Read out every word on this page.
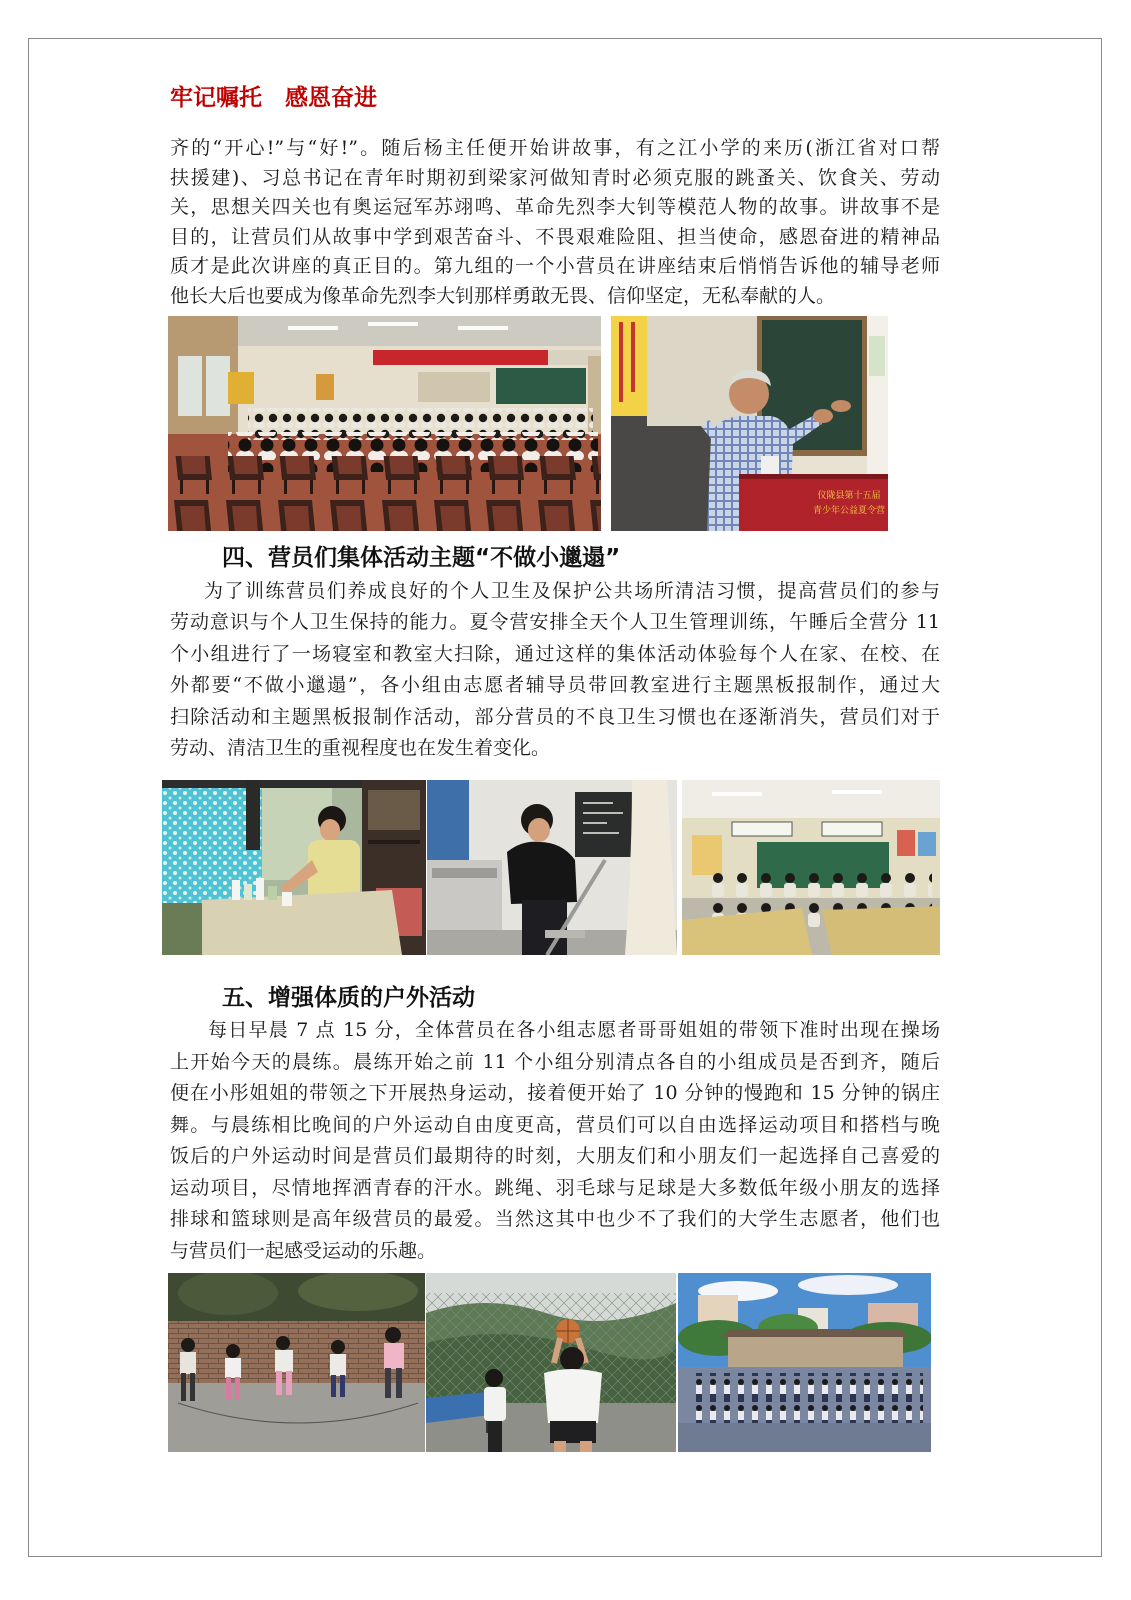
牢记嘱托　感恩奋进
齐的“开心!”与“好!”。随后杨主任便开始讲故事，有之江小学的来历(浙江省对口帮
扶援建)、习总书记在青年时期初到梁家河做知青时必须克服的跳蚤关、饮食关、劳动
关，思想关四关也有奥运冠军苏翊鸣、革命先烈李大钊等模范人物的故事。讲故事不是
目的，让营员们从故事中学到艰苦奋斗、不畏艰难险阻、担当使命，感恩奋进的精神品
质才是此次讲座的真正目的。第九组的一个小营员在讲座结束后悄悄告诉他的辅导老师
他长大后也要成为像革命先烈李大钊那样勇敢无畏、信仰坚定，无私奉献的人。
仪陇县第十五届
青少年公益夏令营
四、营员们集体活动主题“不做小邋遢”
为了训练营员们养成良好的个人卫生及保护公共场所清洁习惯，提高营员们的参与
劳动意识与个人卫生保持的能力。夏令营安排全天个人卫生管理训练，午睡后全营分 11
个小组进行了一场寝室和教室大扫除，通过这样的集体活动体验每个人在家、在校、在
外都要“不做小邋遢”，各小组由志愿者辅导员带回教室进行主题黑板报制作，通过大
扫除活动和主题黑板报制作活动，部分营员的不良卫生习惯也在逐渐消失，营员们对于
劳动、清洁卫生的重视程度也在发生着变化。
五、增强体质的户外活动
每日早晨 7 点 15 分，全体营员在各小组志愿者哥哥姐姐的带领下准时出现在操场
上开始今天的晨练。晨练开始之前 11 个小组分别清点各自的小组成员是否到齐，随后
便在小彤姐姐的带领之下开展热身运动，接着便开始了 10 分钟的慢跑和 15 分钟的锅庄
舞。与晨练相比晚间的户外运动自由度更高，营员们可以自由选择运动项目和搭档与晚
饭后的户外运动时间是营员们最期待的时刻，大朋友们和小朋友们一起选择自己喜爱的
运动项目，尽情地挥洒青春的汗水。跳绳、羽毛球与足球是大多数低年级小朋友的选择
排球和篮球则是高年级营员的最爱。当然这其中也少不了我们的大学生志愿者，他们也
与营员们一起感受运动的乐趣。
